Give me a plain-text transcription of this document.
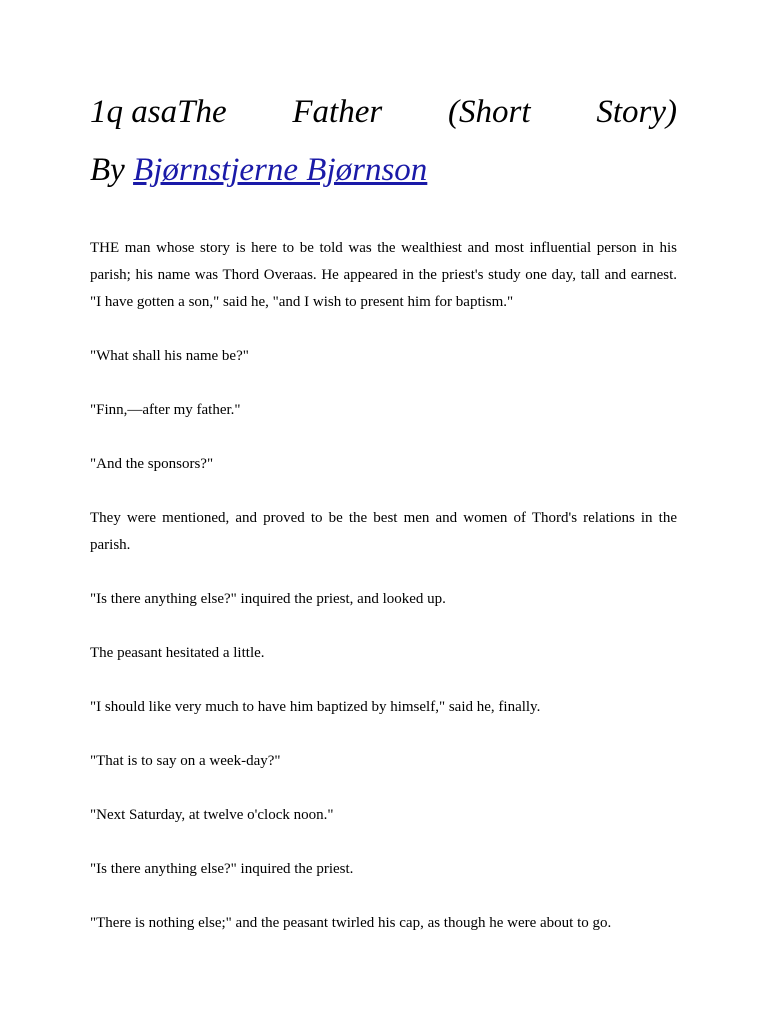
1q asaThe Father (Short Story)
By Bjørnstjerne Bjørnson

THE man whose story is here to be told was the wealthiest and most influential person in his parish; his name was Thord Overaas. He appeared in the priest's study one day, tall and earnest. "I have gotten a son," said he, "and I wish to present him for baptism."

"What shall his name be?"

"Finn,—after my father."

"And the sponsors?"

They were mentioned, and proved to be the best men and women of Thord's relations in the parish.

"Is there anything else?" inquired the priest, and looked up.

The peasant hesitated a little.

"I should like very much to have him baptized by himself," said he, finally.

"That is to say on a week-day?"

"Next Saturday, at twelve o'clock noon."

"Is there anything else?" inquired the priest.

"There is nothing else;" and the peasant twirled his cap, as though he were about to go.
